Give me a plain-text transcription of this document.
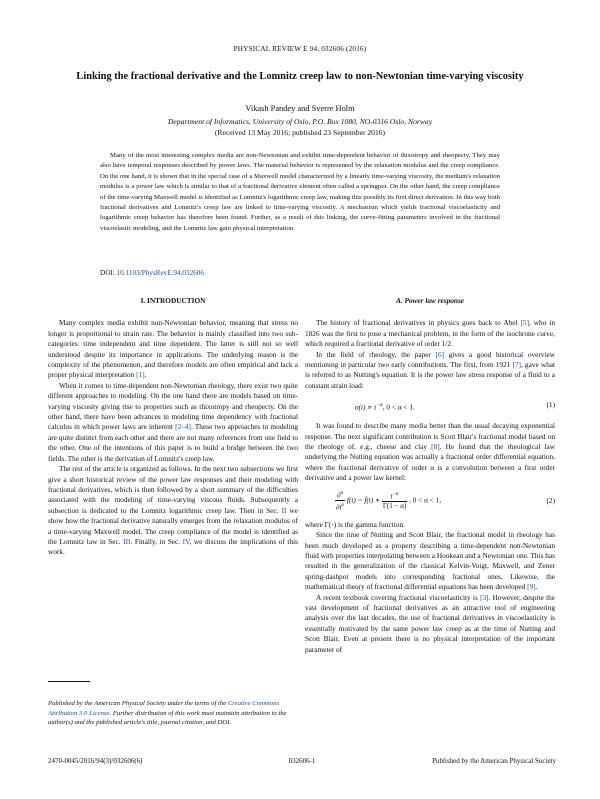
PHYSICAL REVIEW E 94, 032606 (2016)
Linking the fractional derivative and the Lomnitz creep law to non-Newtonian time-varying viscosity
Vikash Pandey and Sverre Holm
Department of Informatics, University of Oslo, P.O. Box 1080, NO-0316 Oslo, Norway
(Received 13 May 2016; published 23 September 2016)
Many of the most interesting complex media are non-Newtonian and exhibit time-dependent behavior of thixotropy and rheopecty. They may also have temporal responses described by power laws. The material behavior is represented by the relaxation modulus and the creep compliance. On the one hand, it is shown that in the special case of a Maxwell model characterized by a linearly time-varying viscosity, the medium's relaxation modulus is a power law which is similar to that of a fractional derivative element often called a springpot. On the other hand, the creep compliance of the time-varying Maxwell model is identified as Lomnitz's logarithmic creep law, making this possibly its first direct derivation. In this way both fractional derivatives and Lomnitz's creep law are linked to time-varying viscosity. A mechanism which yields fractional viscoelasticity and logarithmic creep behavior has therefore been found. Further, as a result of this linking, the curve-fitting parameters involved in the fractional viscoelastic modeling, and the Lomnitz law gain physical interpretation.
DOI: 10.1103/PhysRevE.94.032606
I. INTRODUCTION

Many complex media exhibit non-Newtonian behavior, meaning that stress no longer is proportional to strain rate. The behavior is mainly classified into two sub-categories: time independent and time dependent. The latter is still not so well understood despite its importance in applications. The underlying reason is the complexity of the phenomenon, and therefore models are often empirical and lack a proper physical interpretation [1].

When it comes to time-dependent non-Newtonian rheology, there exist two quite different approaches to modeling. On the one hand there are models based on time-varying viscosity giving rise to properties such as thixotropy and rheopecty. On the other hand, there have been advances in modeling time dependency with fractional calculus in which power laws are inherent [2–4]. These two approaches to modeling are quite distinct from each other and there are not many references from one field to the other. One of the intentions of this paper is to build a bridge between the two fields. The other is the derivation of Lomnitz's creep law.

The rest of the article is organized as follows. In the next two subsections we first give a short historical review of the power law responses and their modeling with fractional derivatives, which is then followed by a short summary of the difficulties associated with the modeling of time-varying viscous fluids. Subsequently a subsection is dedicated to the Lomnitz logarithmic creep law. Then in Sec. II we show how the fractional derivative naturally emerges from the relaxation modulus of a time-varying Maxwell model. The creep compliance of the model is identified as the Lomnitz law in Sec. III. Finally, in Sec. IV, we discuss the implications of this work.

A. Power law response

The history of fractional derivatives in physics goes back to Abel [5], who in 1826 was the first to pose a mechanical problem, in the form of the isochrone curve, which required a fractional derivative of order 1/2.

In the field of rheology, the paper [6] gives a good historical overview mentioning in particular two early contributions. The first, from 1921 [7], gave what is referred to as Nutting's equation. It is the power law stress response of a fluid to a constant strain load:

$\sigma(t) \propto t^{-\alpha}$, 0 < α < 1.	(1)

It was found to describe many media better than the usual decaying exponential response. The next significant contribution is Scott Blair's fractional model based on the rheology of, e.g., cheese and clay [8]. He found that the rheological law underlying the Nutting equation was actually a fractional order differential equation, where the fractional derivative of order α is a convolution between a first order derivative and a power law kernel:

$\frac{\partial^\alpha}{\partial t^\alpha} f(t)$ = ḟ(t) ∗ $\frac{t^{-\alpha}}{\Gamma(1 - \alpha)}$ , 0 < α < 1,	(2)

where Γ(·) is the gamma function.

Since the time of Nutting and Scott Blair, the fractional model in rheology has been much developed as a property describing a time-dependent non-Newtonian fluid with properties interpolating between a Hookean and a Newtonian one. This has resulted in the generalization of the classical Kelvin-Voigt, Maxwell, and Zener spring-dashpot models into corresponding fractional ones. Likewise, the mathematical theory of fractional differential equations has been developed [9].

A recent textbook covering fractional viscoelasticity is [3]. However, despite the vast development of fractional derivatives as an attractive tool of engineering analysis over the last decades, the use of fractional derivatives in viscoelasticity is essentially motivated by the same power law creep as at the time of Nutting and Scott Blair. Even at present there is no physical interpretation of the important parameter of

Published by the American Physical Society under the terms of the Creative Commons Attribution 3.0 License. Further distribution of this work must maintain attribution to the author(s) and the published article's title, journal citation, and DOI.
2470-0045/2016/94(3)/032606(6)	032606-1	Published by the American Physical Society
